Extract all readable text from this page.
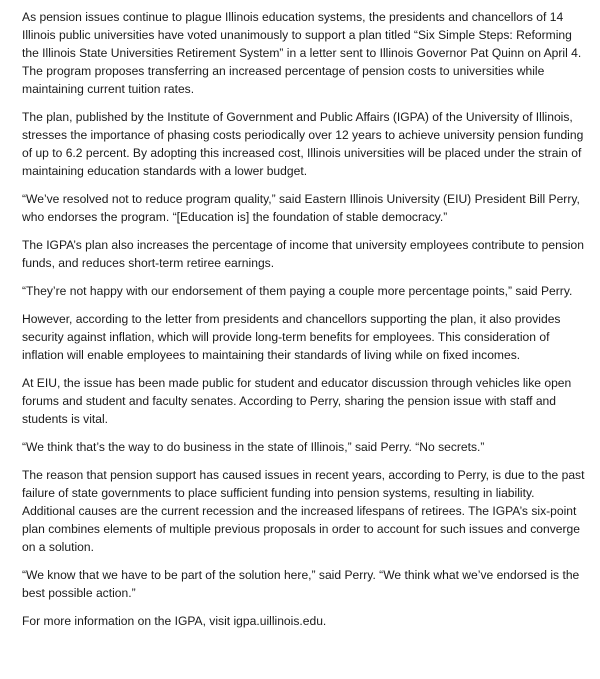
As pension issues continue to plague Illinois education systems, the presidents and chancellors of 14 Illinois public universities have voted unanimously to support a plan titled “Six Simple Steps: Reforming the Illinois State Universities Retirement System” in a letter sent to Illinois Governor Pat Quinn on April 4. The program proposes transferring an increased percentage of pension costs to universities while maintaining current tuition rates.

The plan, published by the Institute of Government and Public Affairs (IGPA) of the University of Illinois, stresses the importance of phasing costs periodically over 12 years to achieve university pension funding of up to 6.2 percent. By adopting this increased cost, Illinois universities will be placed under the strain of maintaining education standards with a lower budget.

“We’ve resolved not to reduce program quality,” said Eastern Illinois University (EIU) President Bill Perry, who endorses the program. “[Education is] the foundation of stable democracy.”

The IGPA’s plan also increases the percentage of income that university employees contribute to pension funds, and reduces short-term retiree earnings.

“They’re not happy with our endorsement of them paying a couple more percentage points,” said Perry.

However, according to the letter from presidents and chancellors supporting the plan, it also provides security against inflation, which will provide long-term benefits for employees. This consideration of inflation will enable employees to maintaining their standards of living while on fixed incomes.

At EIU, the issue has been made public for student and educator discussion through vehicles like open forums and student and faculty senates. According to Perry, sharing the pension issue with staff and students is vital.

“We think that’s the way to do business in the state of Illinois,” said Perry. “No secrets.”

The reason that pension support has caused issues in recent years, according to Perry, is due to the past failure of state governments to place sufficient funding into pension systems, resulting in liability. Additional causes are the current recession and the increased lifespans of retirees. The IGPA’s six-point plan combines elements of multiple previous proposals in order to account for such issues and converge on a solution.

“We know that we have to be part of the solution here,” said Perry. “We think what we’ve endorsed is the best possible action.”

For more information on the IGPA, visit igpa.uillinois.edu.
